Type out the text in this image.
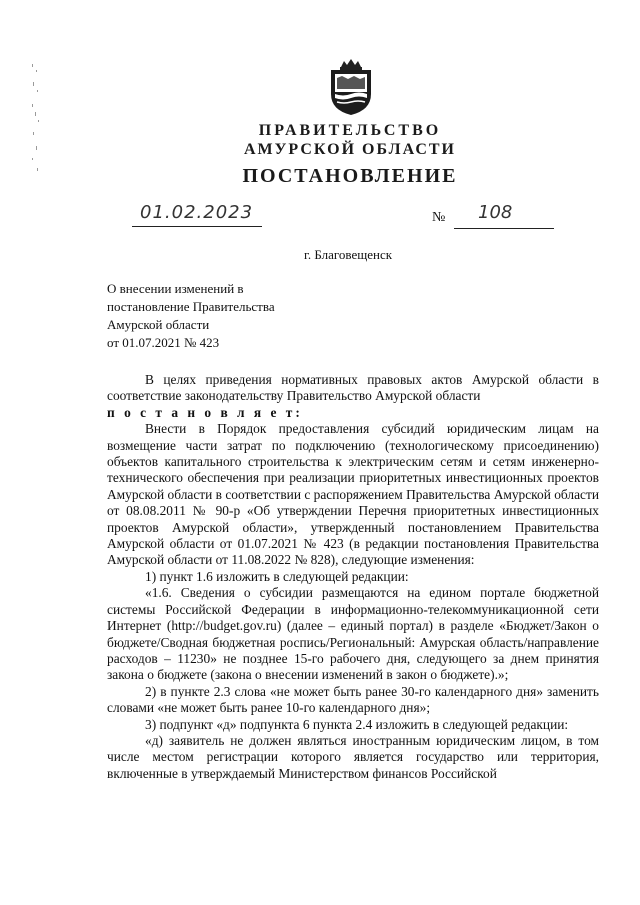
ПРАВИТЕЛЬСТВО
АМУРСКОЙ ОБЛАСТИ
ПОСТАНОВЛЕНИЕ
01.02.2023	№ 108
г. Благовещенск
О внесении изменений в
постановление Правительства
Амурской области
от 01.07.2021 № 423

В целях приведения нормативных правовых актов Амурской области в соответствие законодательству Правительство Амурской области

п о с т а н о в л я е т:

Внести в Порядок предоставления субсидий юридическим лицам на возмещение части затрат по подключению (технологическому присоединению) объектов капитального строительства к электрическим сетям и сетям инженерно-технического обеспечения при реализации приоритетных инвестиционных проектов Амурской области в соответствии с распоряжением Правительства Амурской области от 08.08.2011 № 90-р «Об утверждении Перечня приоритетных инвестиционных проектов Амурской области», утвержденный постановлением Правительства Амурской области от 01.07.2021 № 423 (в редакции постановления Правительства Амурской области от 11.08.2022 № 828), следующие изменения:

1) пункт 1.6 изложить в следующей редакции:

«1.6. Сведения о субсидии размещаются на едином портале бюджетной системы Российской Федерации в информационно-телекоммуникационной сети Интернет (http://budget.gov.ru) (далее – единый портал) в разделе «Бюджет/Закон о бюджете/Сводная бюджетная роспись/Региональный: Амурская область/направление расходов – 11230» не позднее 15-го рабочего дня, следующего за днем принятия закона о бюджете (закона о внесении изменений в закон о бюджете).»;

2) в пункте 2.3 слова «не может быть ранее 30-го календарного дня» заменить словами «не может быть ранее 10-го календарного дня»;

3) подпункт «д» подпункта 6 пункта 2.4 изложить в следующей редакции:

«д) заявитель не должен являться иностранным юридическим лицом, в том числе местом регистрации которого является государство или территория, включенные в утверждаемый Министерством финансов Российской
